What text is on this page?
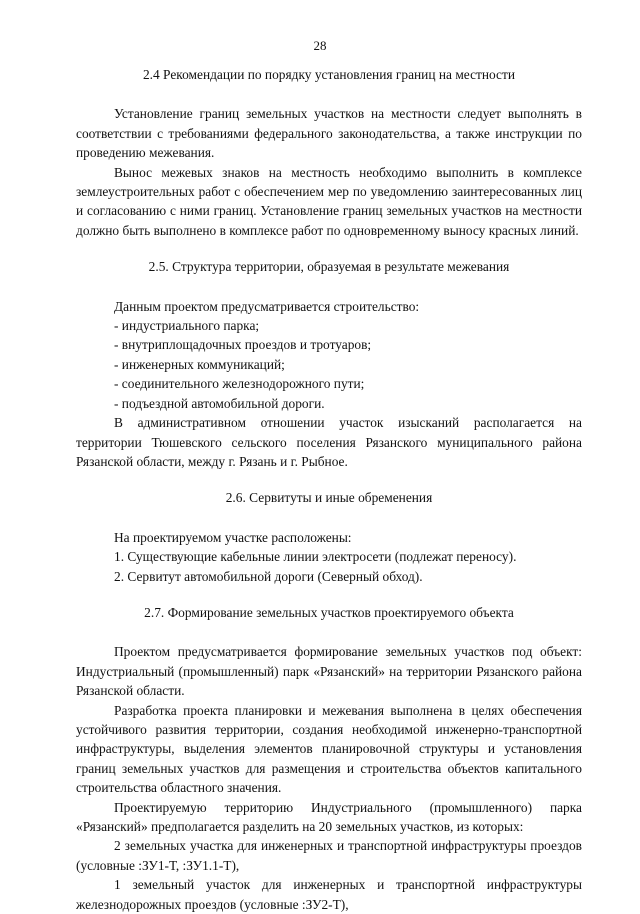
28
2.4 Рекомендации по порядку установления границ на местности

Установление границ земельных участков на местности следует выполнять в соответствии с требованиями федерального законодательства, а также инструкции по проведению межевания.

Вынос межевых знаков на местность необходимо выполнить в комплексе землеустроительных работ с обеспечением мер по уведомлению заинтересованных лиц и согласованию с ними границ. Установление границ земельных участков на местности должно быть выполнено в комплексе работ по одновременному выносу красных линий.

2.5. Структура территории, образуемая в результате межевания

Данным проектом предусматривается строительство:

- индустриального парка;

- внутриплощадочных проездов и тротуаров;

- инженерных коммуникаций;

- соединительного железнодорожного пути;

- подъездной автомобильной дороги.

В административном отношении участок изысканий располагается на территории Тюшевского сельского поселения Рязанского муниципального района Рязанской области, между г. Рязань и г. Рыбное.

2.6. Сервитуты и иные обременения

На проектируемом участке расположены:

1. Существующие кабельные линии электросети (подлежат переносу).

2. Сервитут автомобильной дороги (Северный обход).

2.7. Формирование земельных участков проектируемого объекта

Проектом предусматривается формирование земельных участков под объект: Индустриальный (промышленный) парк «Рязанский» на территории Рязанского района Рязанской области.

Разработка проекта планировки и межевания выполнена в целях обеспечения устойчивого развития территории, создания необходимой инженерно-транспортной инфраструктуры, выделения элементов планировочной структуры и установления границ земельных участков для размещения и строительства объектов капитального строительства областного значения.

Проектируемую территорию Индустриального (промышленного) парка «Рязанский» предполагается разделить на 20 земельных участков, из которых:

2 земельных участка для инженерных и транспортной инфраструктуры проездов (условные :ЗУ1-Т, :ЗУ1.1-Т),

1 земельный участок для инженерных и транспортной инфраструктуры железнодорожных проездов (условные :ЗУ2-Т),
